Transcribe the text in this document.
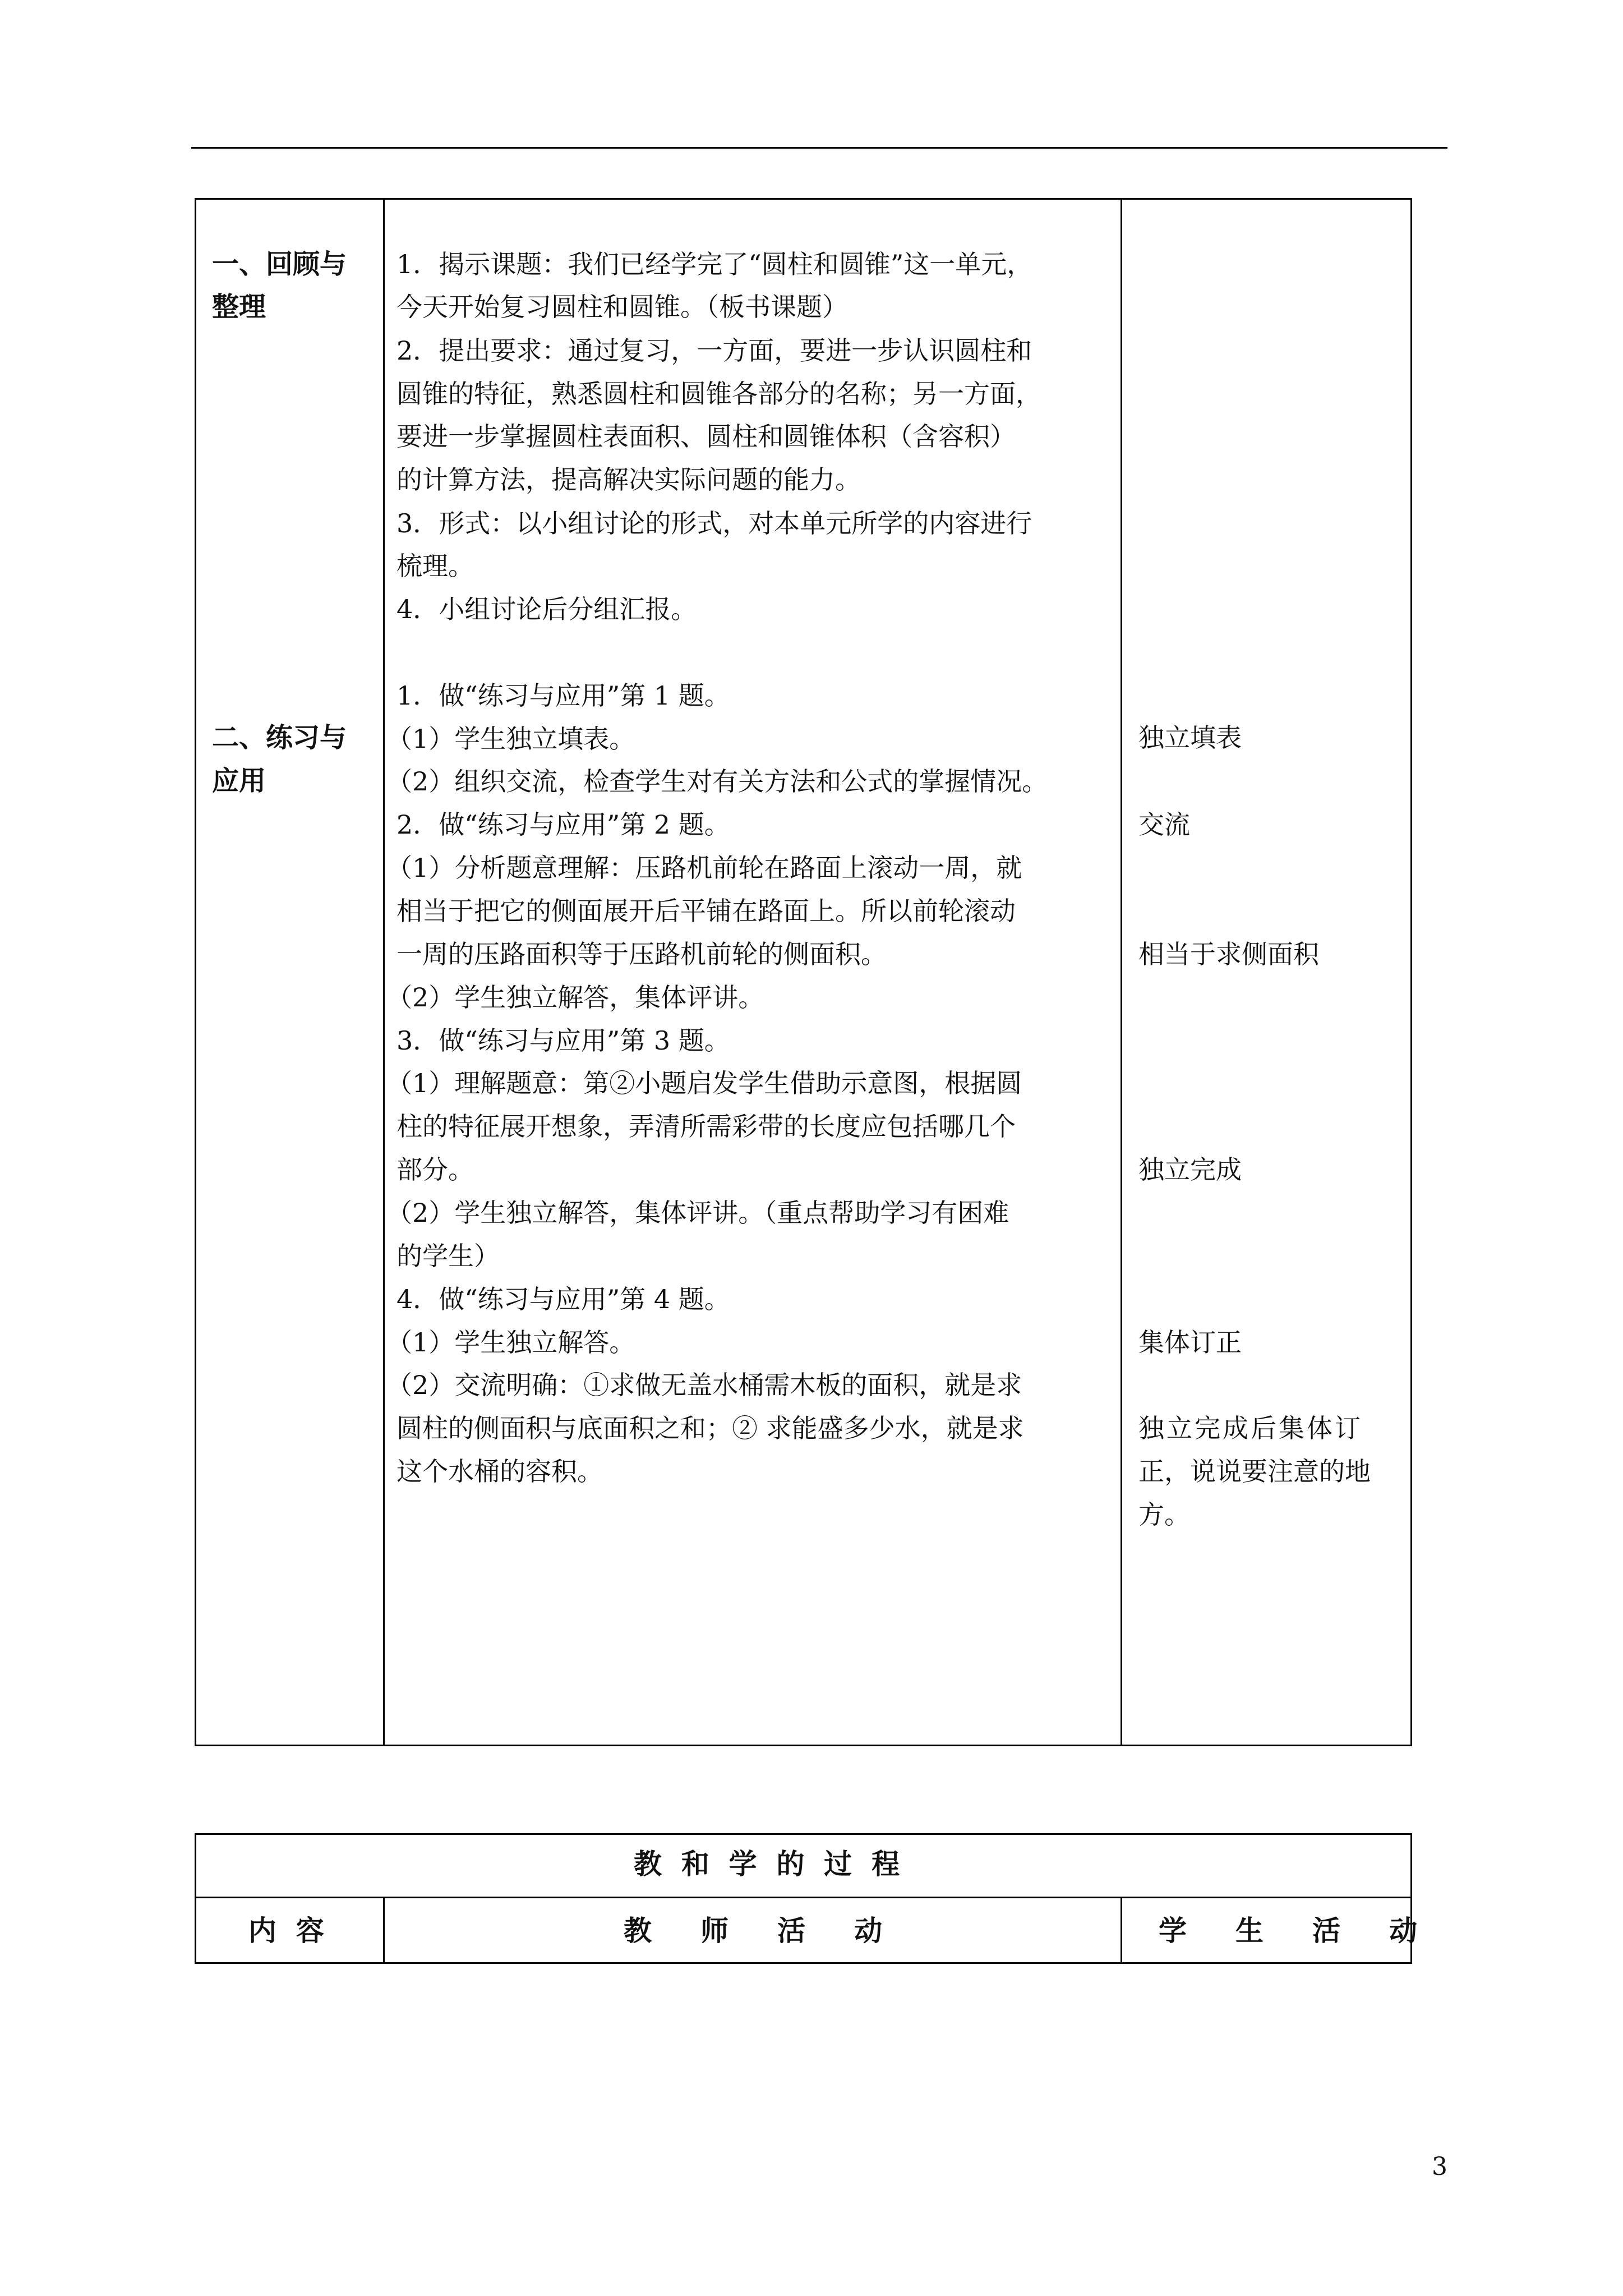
一、回顾与
整理
1．揭示课题：我们已经学完了“圆柱和圆锥”这一单元，
今天开始复习圆柱和圆锥。（板书课题）
2．提出要求：通过复习，一方面，要进一步认识圆柱和
圆锥的特征，熟悉圆柱和圆锥各部分的名称；另一方面，
要进一步掌握圆柱表面积、圆柱和圆锥体积（含容积）
的计算方法，提高解决实际问题的能力。
3．形式：以小组讨论的形式，对本单元所学的内容进行
梳理。
4．小组讨论后分组汇报。
二、练习与
应用
1．做“练习与应用”第 1 题。
（1）学生独立填表。
（2）组织交流，检查学生对有关方法和公式的掌握情况。
2．做“练习与应用”第 2 题。
（1）分析题意理解：压路机前轮在路面上滚动一周，就
相当于把它的侧面展开后平铺在路面上。所以前轮滚动
一周的压路面积等于压路机前轮的侧面积。
（2）学生独立解答，集体评讲。
3．做“练习与应用”第 3 题。
（1）理解题意：第②小题启发学生借助示意图，根据圆
柱的特征展开想象，弄清所需彩带的长度应包括哪几个
部分。
（2）学生独立解答，集体评讲。（重点帮助学习有困难
的学生）
4．做“练习与应用”第 4 题。
（1）学生独立解答。
（2）交流明确：①求做无盖水桶需木板的面积，就是求
圆柱的侧面积与底面积之和；② 求能盛多少水，就是求
这个水桶的容积。
独立填表
交流
相当于求侧面积
独立完成
集体订正
独立完成后集体订
正，说说要注意的地
方。
教  和  学  的  过  程
内  容	教     师     活     动	学     生     活     动
3
